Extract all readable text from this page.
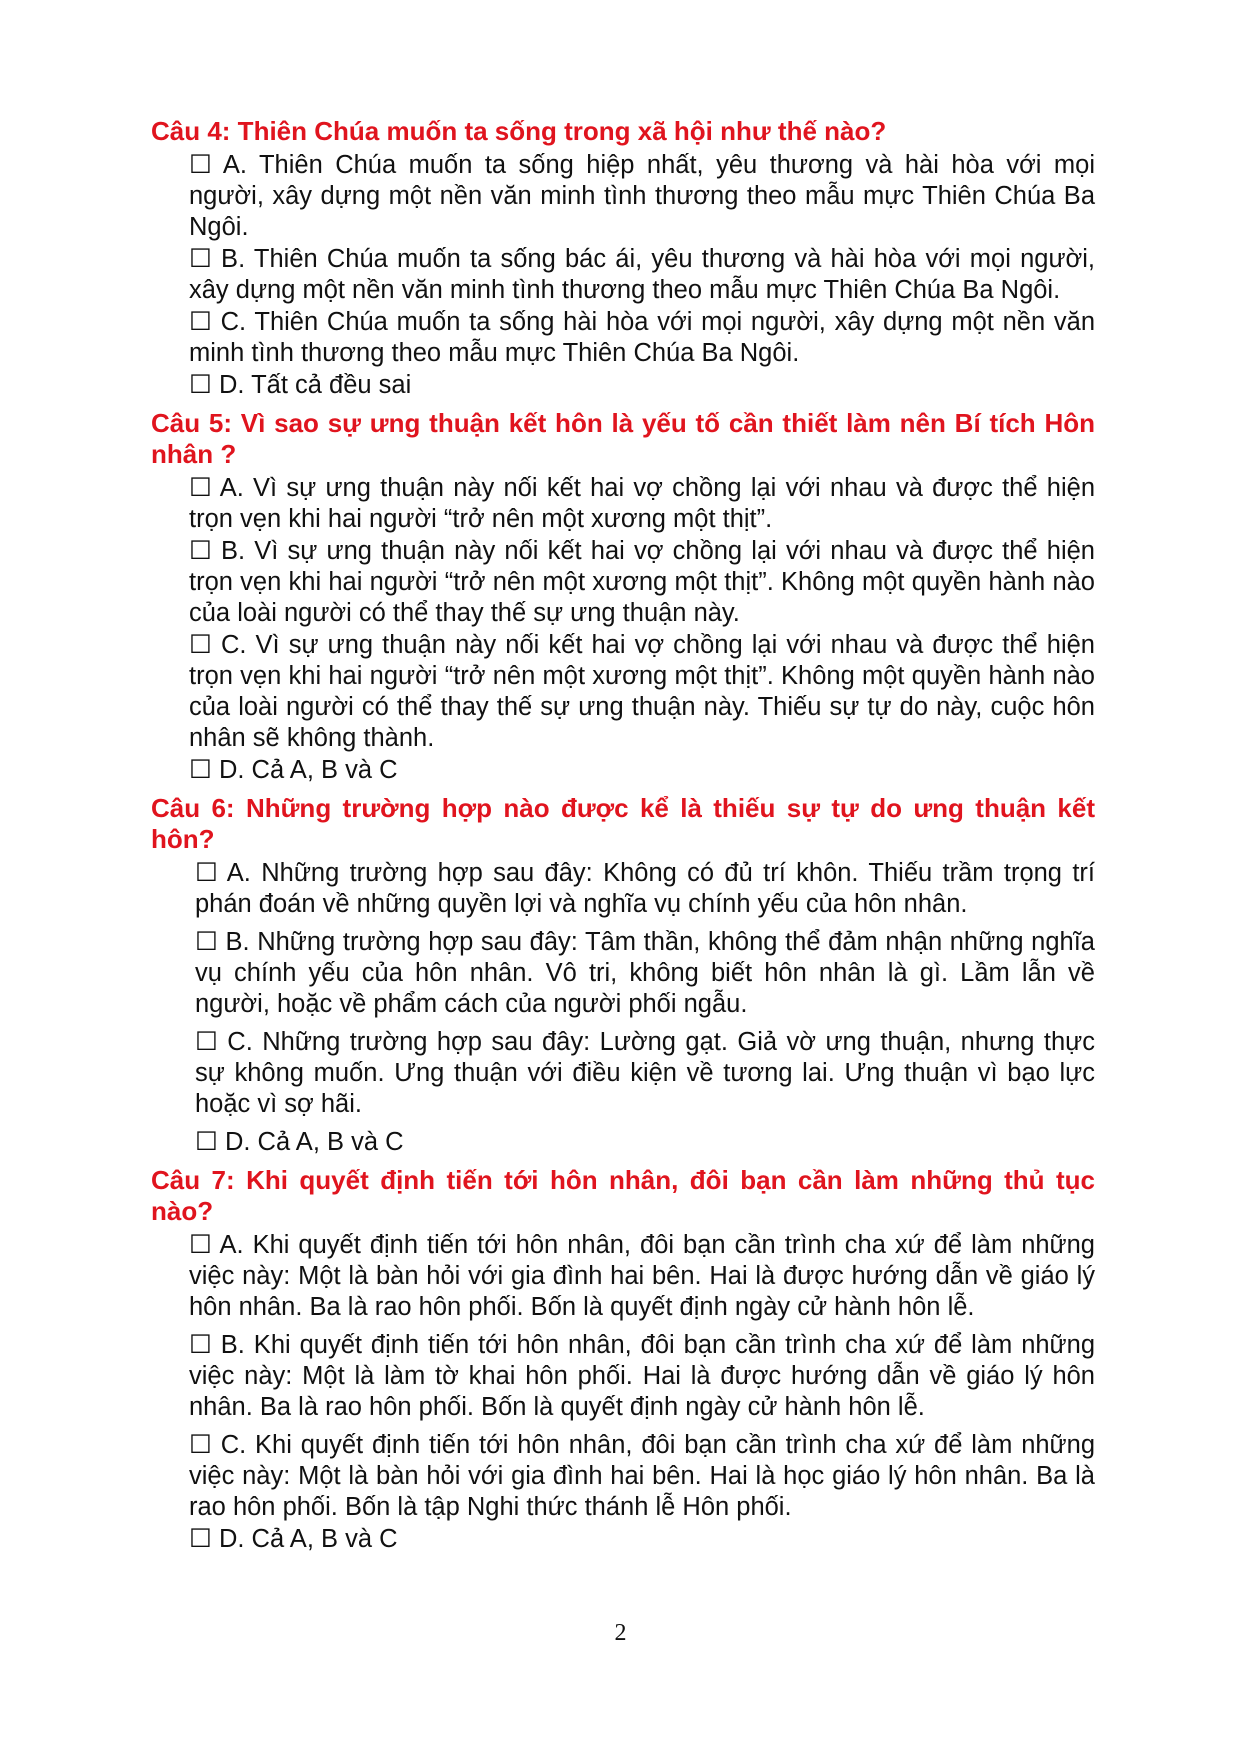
Câu 4: Thiên Chúa muốn ta sống trong xã hội như thế nào?

☐ A. Thiên Chúa muốn ta sống hiệp nhất, yêu thương và hài hòa với mọi người, xây dựng một nền văn minh tình thương theo mẫu mực Thiên Chúa Ba Ngôi.

☐ B. Thiên Chúa muốn ta sống bác ái, yêu thương và hài hòa với mọi người, xây dựng một nền văn minh tình thương theo mẫu mực Thiên Chúa Ba Ngôi.

☐ C. Thiên Chúa muốn ta sống hài hòa với mọi người, xây dựng một nền văn minh tình thương theo mẫu mực Thiên Chúa Ba Ngôi.

☐ D. Tất cả đều sai

Câu 5: Vì sao sự ưng thuận kết hôn là yếu tố cần thiết làm nên Bí tích Hôn nhân ?

☐ A. Vì sự ưng thuận này nối kết hai vợ chồng lại với nhau và được thể hiện trọn vẹn khi hai người “trở nên một xương một thịt”.

☐ B. Vì sự ưng thuận này nối kết hai vợ chồng lại với nhau và được thể hiện trọn vẹn khi hai người “trở nên một xương một thịt”. Không một quyền hành nào của loài người có thể thay thế sự ưng thuận này.

☐ C. Vì sự ưng thuận này nối kết hai vợ chồng lại với nhau và được thể hiện trọn vẹn khi hai người “trở nên một xương một thịt”. Không một quyền hành nào của loài người có thể thay thế sự ưng thuận này. Thiếu sự tự do này, cuộc hôn nhân sẽ không thành.

☐ D. Cả A, B và C

Câu 6: Những trường hợp nào được kể là thiếu sự tự do ưng thuận kết hôn?

☐ A. Những trường hợp sau đây: Không có đủ trí khôn. Thiếu trầm trọng trí phán đoán về những quyền lợi và nghĩa vụ chính yếu của hôn nhân.

☐ B. Những trường hợp sau đây: Tâm thần, không thể đảm nhận những nghĩa vụ chính yếu của hôn nhân. Vô tri, không biết hôn nhân là gì. Lầm lẫn về người, hoặc về phẩm cách của người phối ngẫu.

☐ C. Những trường hợp sau đây: Lường gạt. Giả vờ ưng thuận, nhưng thực sự không muốn. Ưng thuận với điều kiện về tương lai. Ưng thuận vì bạo lực hoặc vì sợ hãi.

☐ D. Cả A, B và C

Câu 7: Khi quyết định tiến tới hôn nhân, đôi bạn cần làm những thủ tục nào?

☐ A. Khi quyết định tiến tới hôn nhân, đôi bạn cần trình cha xứ để làm những việc này: Một là bàn hỏi với gia đình hai bên. Hai là được hướng dẫn về giáo lý hôn nhân. Ba là rao hôn phối. Bốn là quyết định ngày cử hành hôn lễ.

☐ B. Khi quyết định tiến tới hôn nhân, đôi bạn cần trình cha xứ để làm những việc này: Một là làm tờ khai hôn phối. Hai là được hướng dẫn về giáo lý hôn nhân. Ba là rao hôn phối. Bốn là quyết định ngày cử hành hôn lễ.

☐ C. Khi quyết định tiến tới hôn nhân, đôi bạn cần trình cha xứ để làm những việc này: Một là bàn hỏi với gia đình hai bên. Hai là học giáo lý hôn nhân. Ba là rao hôn phối. Bốn là tập Nghi thức thánh lễ Hôn phối.

☐ D. Cả A, B và C

2
